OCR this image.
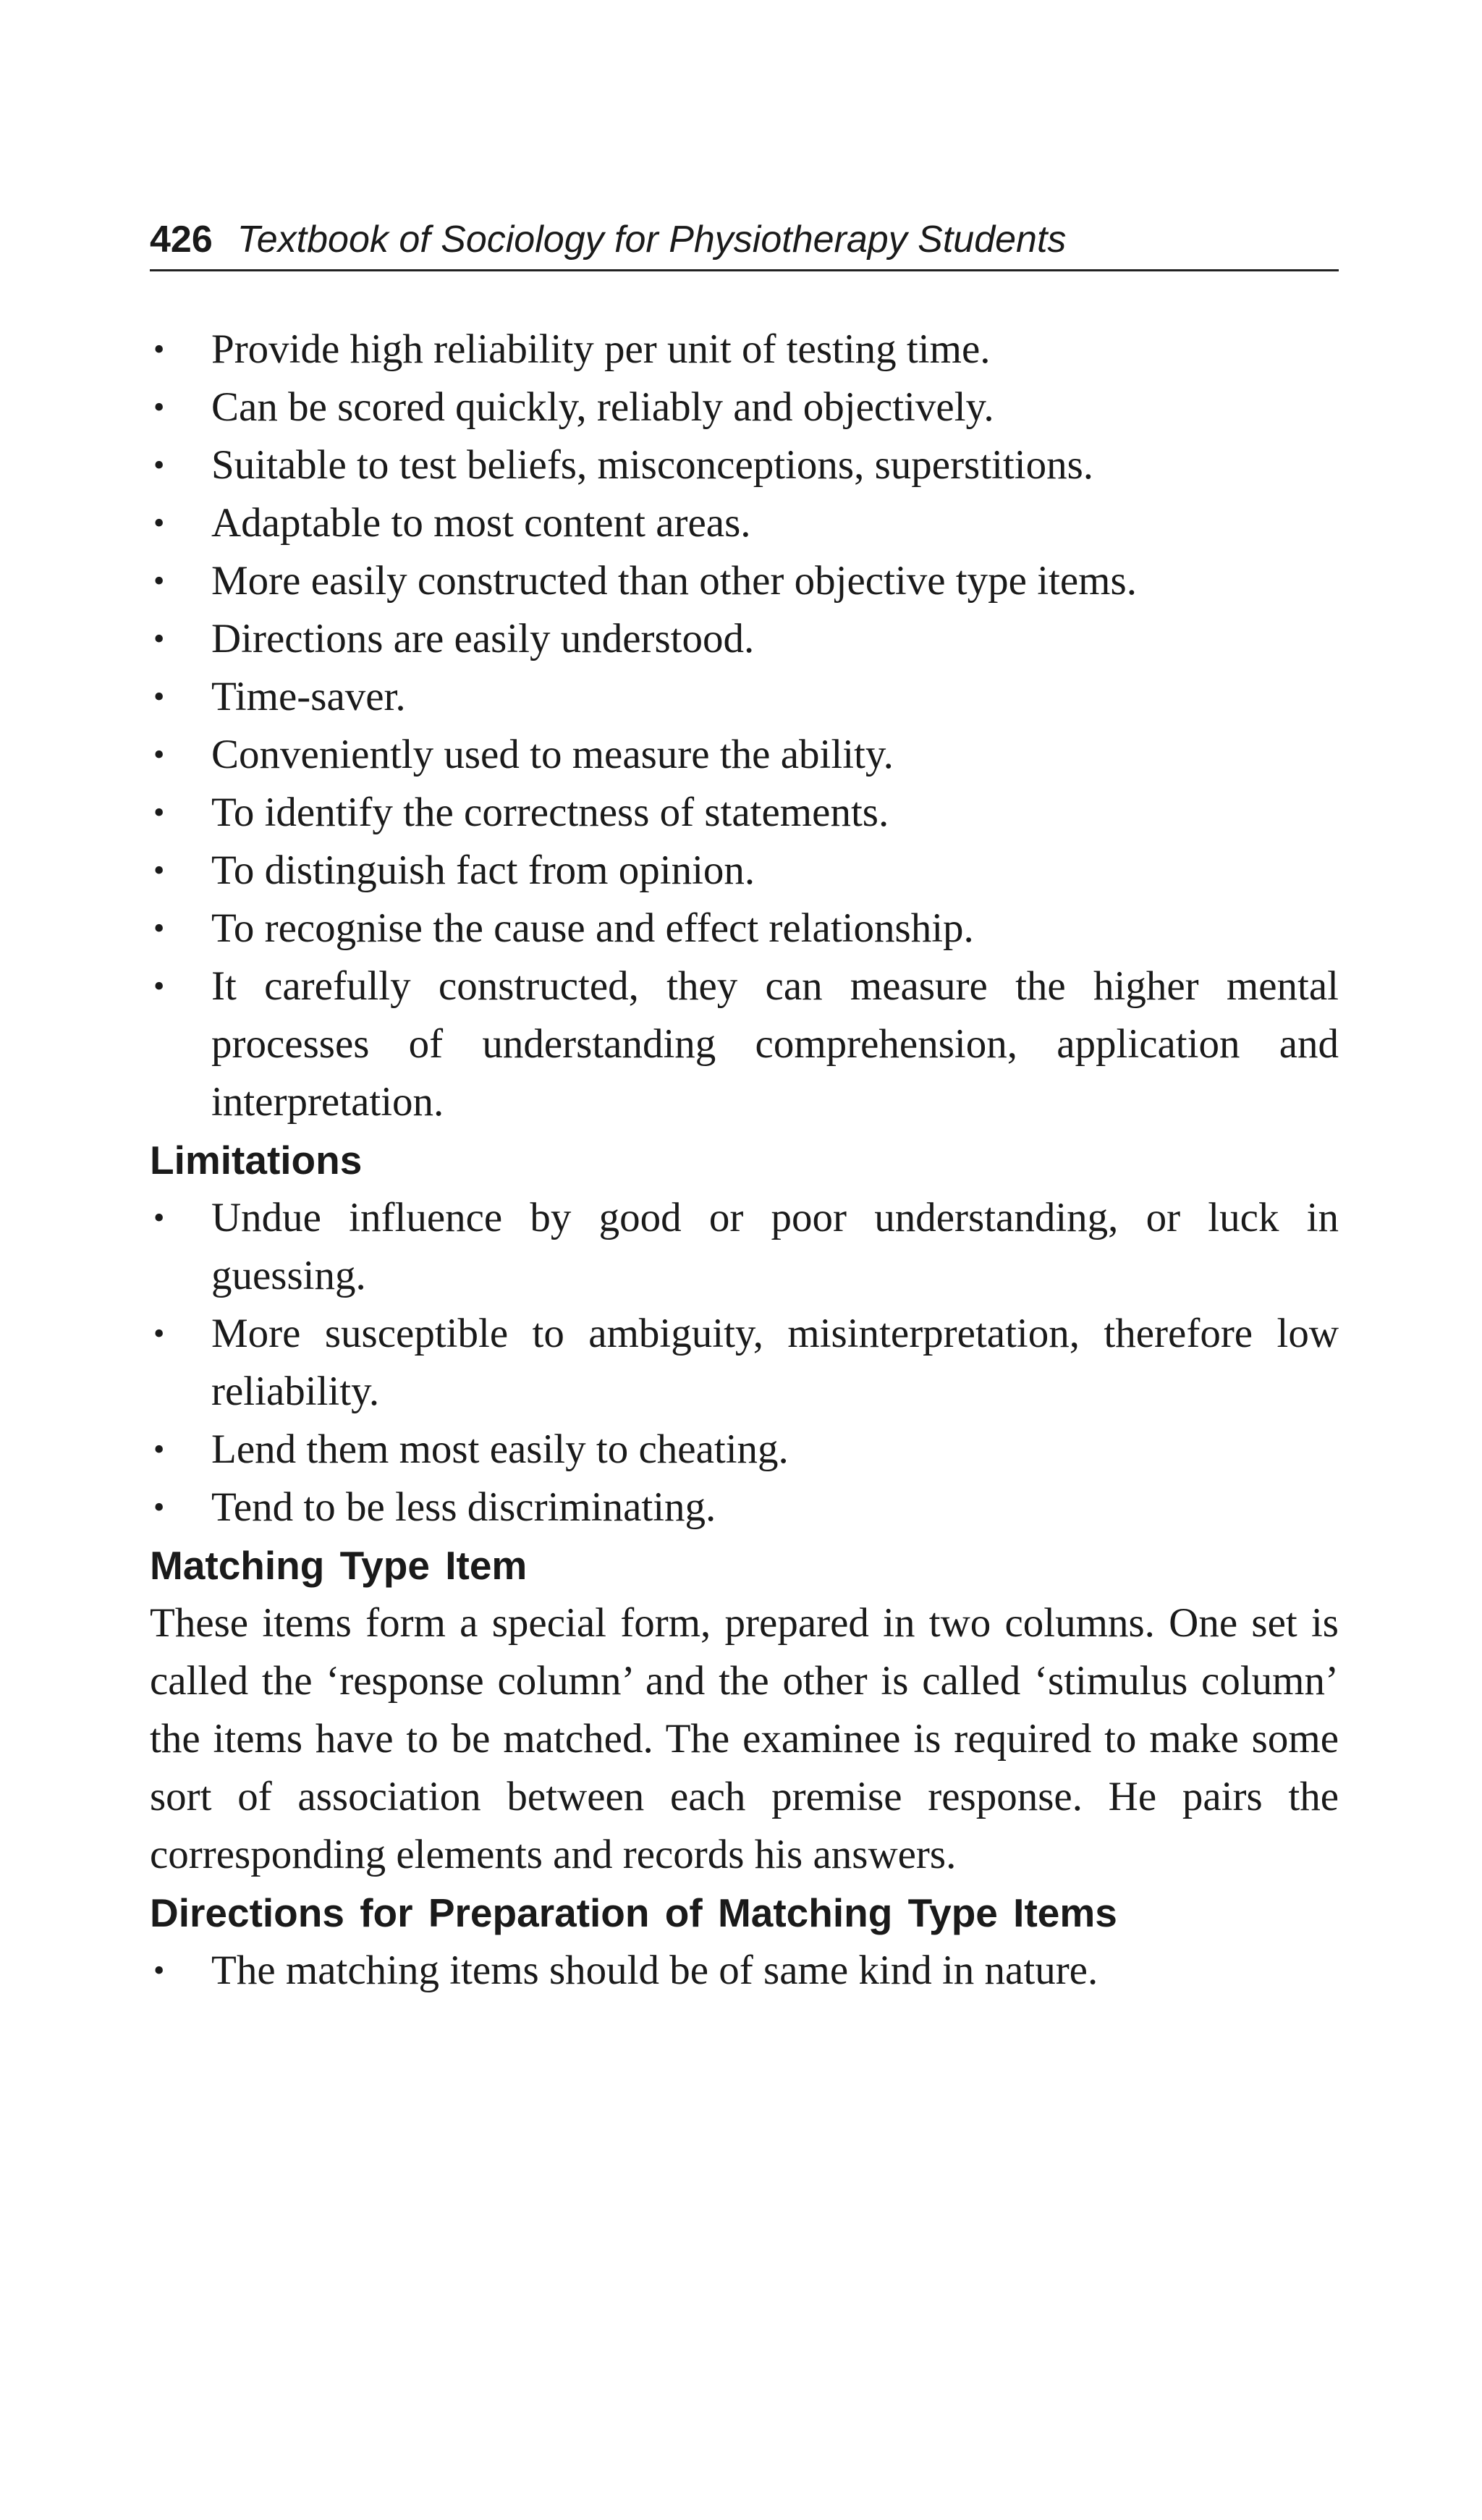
426 Textbook of Sociology for Physiotherapy Students
• Provide high reliability per unit of testing time.
• Can be scored quickly, reliably and objectively.
• Suitable to test beliefs, misconceptions, superstitions.
• Adaptable to most content areas.
• More easily constructed than other objective type items.
• Directions are easily understood.
• Time-saver.
• Conveniently used to measure the ability.
• To identify the correctness of statements.
• To distinguish fact from opinion.
• To recognise the cause and effect relationship.
• It carefully constructed, they can measure the higher mental processes of understanding comprehension, application and interpretation.
Limitations
• Undue influence by good or poor understanding, or luck in guessing.
• More susceptible to ambiguity, misinterpretation, therefore low reliability.
• Lend them most easily to cheating.
• Tend to be less discriminating.
Matching Type Item

These items form a special form, prepared in two columns. One set is called the ‘response column’ and the other is called ‘stimulus column’ the items have to be matched. The examinee is required to make some sort of association between each premise response. He pairs the corresponding elements and records his answers.

Directions for Preparation of Matching Type Items
• The matching items should be of same kind in nature.
